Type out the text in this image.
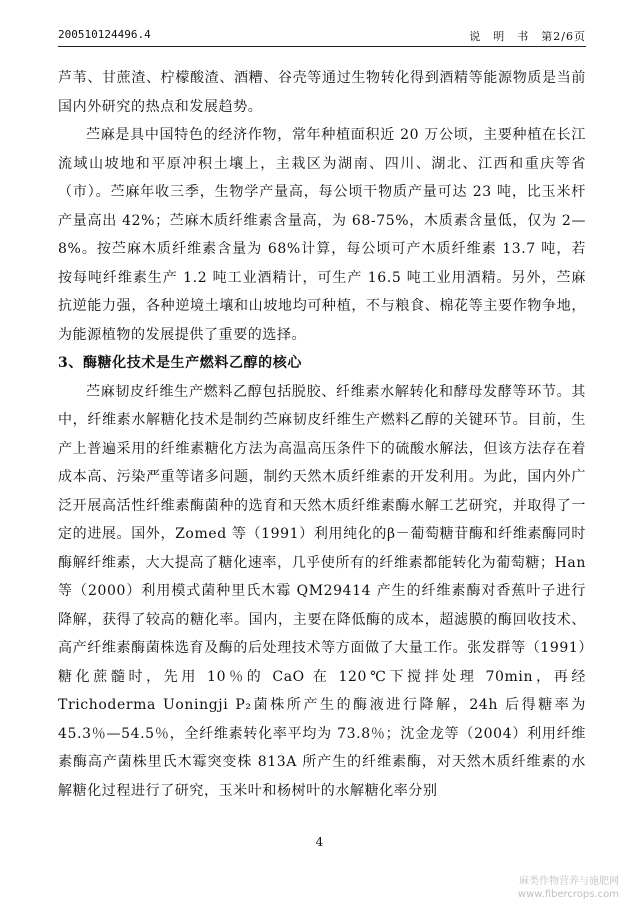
200510124496.4	说　明　书　第2/6页

芦苇、甘蔗渣、柠檬酸渣、酒糟、谷壳等通过生物转化得到酒精等能源物质是当前国内外研究的热点和发展趋势。

苎麻是具中国特色的经济作物，常年种植面积近 20 万公顷，主要种植在长江流域山坡地和平原冲积土壤上，主栽区为湖南、四川、湖北、江西和重庆等省（市）。苎麻年收三季，生物学产量高，每公顷干物质产量可达 23 吨，比玉米杆产量高出 42%；苎麻木质纤维素含量高，为 68-75%，木质素含量低，仅为 2—8%。按苎麻木质纤维素含量为 68%计算，每公顷可产木质纤维素 13.7 吨，若按每吨纤维素生产 1.2 吨工业酒精计，可生产 16.5 吨工业用酒精。另外，苎麻抗逆能力强，各种逆境土壤和山坡地均可种植，不与粮食、棉花等主要作物争地，为能源植物的发展提供了重要的选择。

3、酶糖化技术是生产燃料乙醇的核心

苎麻韧皮纤维生产燃料乙醇包括脱胶、纤维素水解转化和酵母发酵等环节。其中，纤维素水解糖化技术是制约苎麻韧皮纤维生产燃料乙醇的关键环节。目前，生产上普遍采用的纤维素糖化方法为高温高压条件下的硫酸水解法，但该方法存在着成本高、污染严重等诸多问题，制约天然木质纤维素的开发利用。为此，国内外广泛开展高活性纤维素酶菌种的选育和天然木质纤维素酶水解工艺研究，并取得了一定的进展。国外，Zomed 等（1991）利用纯化的β－葡萄糖苷酶和纤维素酶同时酶解纤维素，大大提高了糖化速率，几乎使所有的纤维素都能转化为葡萄糖；Han 等（2000）利用模式菌种里氏木霉 QM29414 产生的纤维素酶对香蕉叶子进行降解，获得了较高的糖化率。国内，主要在降低酶的成本，超滤膜的酶回收技术、高产纤维素酶菌株选育及酶的后处理技术等方面做了大量工作。张发群等（1991）糖化蔗髓时，先用 10％的 CaO 在 120℃下搅拌处理 70min，再经 Trichoderma Uoningji P₂菌株所产生的酶液进行降解，24h 后得糖率为 45.3％—54.5％，全纤维素转化率平均为 73.8％；沈金龙等（2004）利用纤维素酶高产菌株里氏木霉突变株 813A 所产生的纤维素酶，对天然木质纤维素的水解糖化过程进行了研究，玉米叶和杨树叶的水解糖化率分别

4
麻类作物营养与施肥网
www.fibercrops.com
